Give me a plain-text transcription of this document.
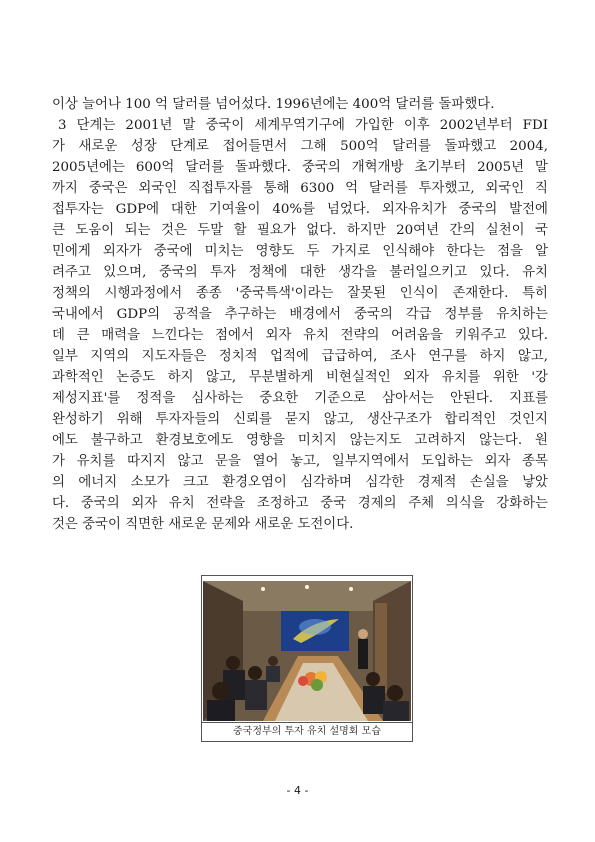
이상 늘어나 100 억 달러를 넘어섰다. 1996년에는 400억 달러를 돌파했다.
3 단계는 2001년 말 중국이 세계무역기구에 가입한 이후 2002년부터 FDI
가 새로운 성장 단계로 접어들면서 그해 500억 달러를 돌파했고 2004,
2005년에는 600억 달러를 돌파했다. 중국의 개혁개방 초기부터 2005년 말
까지 중국은 외국인 직접투자를 통해 6300 억 달러를 투자했고, 외국인 직
접투자는 GDP에 대한 기여율이 40%를 넘었다. 외자유치가 중국의 발전에
큰 도움이 되는 것은 두말 할 필요가 없다. 하지만 20여년 간의 실천이 국
민에게 외자가 중국에 미치는 영향도 두 가지로 인식해야 한다는 점을 알
려주고 있으며, 중국의 투자 정책에 대한 생각을 불러일으키고 있다. 유치
정책의 시행과정에서 종종 '중국특색'이라는 잘못된 인식이 존재한다. 특히
국내에서 GDP의 공적을 추구하는 배경에서 중국의 각급 정부를 유치하는
데 큰 매력을 느낀다는 점에서 외자 유치 전략의 어려움을 키워주고 있다.
일부 지역의 지도자들은 정치적 업적에 급급하여, 조사 연구를 하지 않고,
과학적인 논증도 하지 않고, 무분별하게 비현실적인 외자 유치를 위한 '강
제성지표'를 정적을 심사하는 중요한 기준으로 삼아서는 안된다. 지표를
완성하기 위해 투자자들의 신뢰를 묻지 않고, 생산구조가 합리적인 것인지
에도 불구하고 환경보호에도 영향을 미치지 않는지도 고려하지 않는다. 원
가 유치를 따지지 않고 문을 열어 놓고, 일부지역에서 도입하는 외자 종목
의 에너지 소모가 크고 환경오염이 심각하며 심각한 경제적 손실을 낳았
다. 중국의 외자 유치 전략을 조정하고 중국 경제의 주체 의식을 강화하는
것은 중국이 직면한 새로운 문제와 새로운 도전이다.
중국정부의 투자 유치 설명회 모습
- 4 -
